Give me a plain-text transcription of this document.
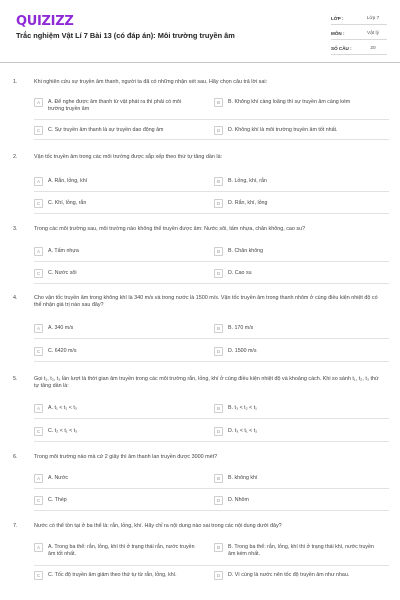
QUIZIZZ
Trắc nghiệm Vật Lí 7 Bài 13 (có đáp án): Môi trường truyền âm
LỚP :	Lớp 7
MÔN :	Vật lý
SỐ CÂU :	20
1.	Khi nghiên cứu sự truyền âm thanh, người ta đã có những nhận xét sau. Hãy chọn câu trả lời sai:
A	A. Để nghe được âm thanh từ vật phát ra thì phải có môi trường truyền âm
B	B. Không khí càng loãng thì sự truyền âm càng kém
C	C. Sự truyền âm thanh là sự truyền dao động âm	D	D. Không khí là môi trường truyền âm tốt nhất.
2.	Vận tốc truyền âm trong các môi trường được sắp xếp theo thứ tự tăng dần là:
A	A. Rắn, lỏng, khí	B	B. Lỏng, khí, rắn
C	C. Khí, lỏng, rắn	D	D. Rắn, khí, lỏng
3.	Trong các môi trường sau, môi trường nào không thể truyền được âm: Nước sôi, tấm nhựa, chân không, cao su?
A	A. Tấm nhựa	B	B. Chân không
C	C. Nước sôi	D	D. Cao su
4.	Cho vận tốc truyền âm trong không khí là 340 m/s và trong nước là 1500 m/s. Vận tốc truyền âm trong thanh nhôm ở cùng điều kiện nhiệt độ có thể nhận giá trị nào sau đây?
A	A. 340 m/s	B	B. 170 m/s
C	C. 6420 m/s	D	D. 1500 m/s
5.	Gọi t₁, t₂, t₃ lần lượt là thời gian âm truyền trong các môi trường rắn, lỏng, khí ở cùng điều kiện nhiệt độ và khoảng cách. Khi so sánh t₁, t₂, t₃ thứ tự tăng dần là:
A	A. t₁ < t₂ < t₃	B	B. t₃ < t₂ < t₁
C	C. t₂ < t₁ < t₃	D	D. t₃ < t₁ < t₂
6.	Trong môi trường nào mà cứ 2 giây thì âm thanh lan truyền được 3000 mét?
A	A. Nước	B	B. không khí
C	C. Thép	D	D. Nhôm
7.	Nước có thể tồn tại ở ba thể là: rắn, lỏng, khí. Hãy chỉ ra nội dung nào sai trong các nội dung dưới đây?
A	A. Trong ba thể: rắn, lỏng, khí thì ở trạng thái rắn, nước truyền âm tốt nhất.
B	B. Trong ba thể: rắn, lỏng, khí thì ở trạng thái khí, nước truyền âm kém nhất.
C	C. Tốc độ truyền âm giảm theo thứ tự từ rắn, lỏng, khí.	D	D. Vì cùng là nước nên tốc độ truyền âm như nhau.
